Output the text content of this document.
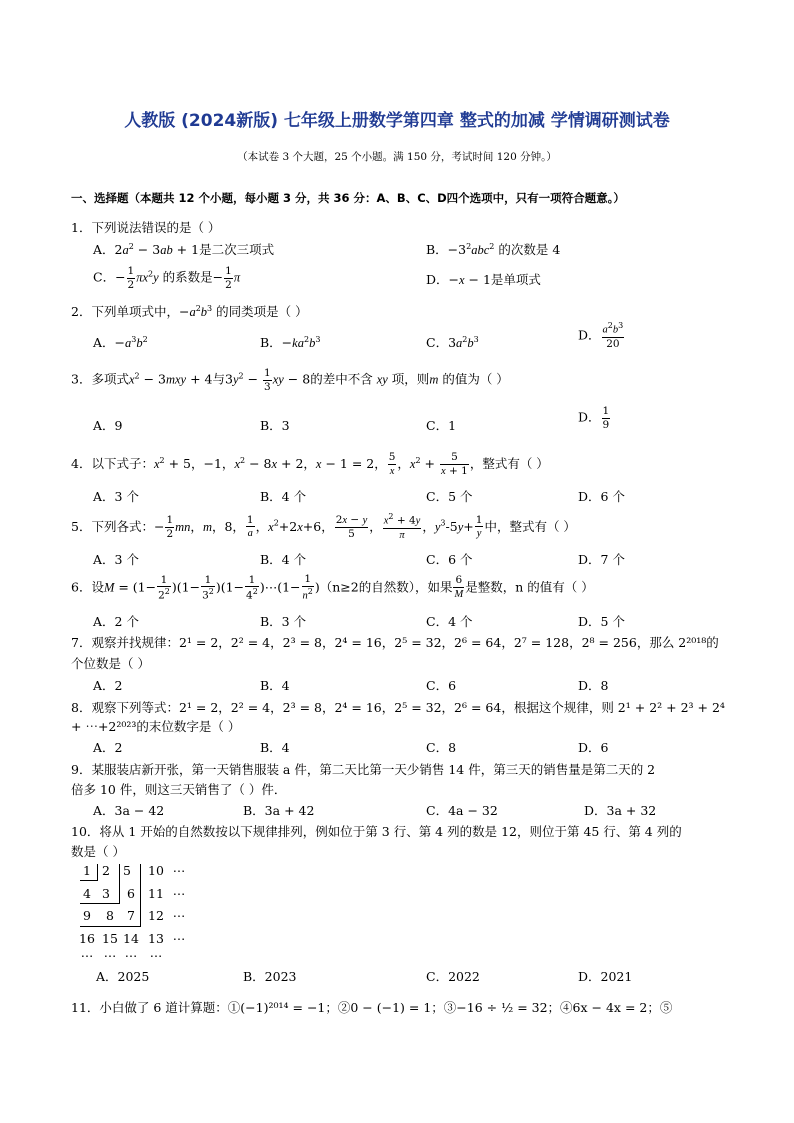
人教版 (2024新版) 七年级上册数学第四章 整式的加减 学情调研测试卷
（本试卷 3 个大题，25 个小题。满 150 分，考试时间 120 分钟。）
一、选择题（本题共 12 个小题，每小题 3 分，共 36 分：A、B、C、D四个选项中，只有一项符合题意。）
1．下列说法错误的是（ ）
A．$2a^2 - 3ab + 1$是二次三项式	B．$-3^2abc^2$ 的次数是 4
C．− $\frac{1}{2} \pi x^2y$ 的系数是− $\frac{1}{2}$ π	D．−x − 1是单项式
2．下列单项式中，$-a^2b^3$ 的同类项是（ ）
A．$-a^3b^2$	B．$-ka^2b^3$	C．$3a^2b^3$	D． $\frac{a^2b^3}{20}$
3．多项式$x^2 - 3mxy + 4$与$3y^2 - \frac{1}{3}$ xy − 8的差中不含 xy 项，则m 的值为（ ）
A．9	B．3	C．1
D． $\frac{1}{9}$
4．以下式子：$x^2 + 5$，−1，$x^2 - 8x + 2$，x − 1 = 2， $\frac{5}{x}$ ，$x^2 + \frac{5}{x + 1}$ ，整式有（ ）
A．3 个	B．4 个	C．5 个	D．6 个
5．下列各式：− $\frac{1}{2}$ mn，m，8， $\frac{1}{a}$ ，$x^2+2x+6$， $\frac{2x - y}{5}$ ， $\frac{x^2 + 4y}{\pi}$ ，$y^3-5y+ \frac{1}{y}$ 中，整式有（ ）
A．3 个	B．4 个	C．6 个	D．7 个
6．设$M = (1- \frac{1}{2^2} )(1- \frac{1}{3^2} )(1- \frac{1}{4^2}$ )⋯(1− $\frac{1}{n^2} )(n\ge 2$的自然数），如果 $\frac{6}{M}$ 是整数，n 的值有（ ）
A．2 个	B．3 个	C．4 个	D．5 个
7．观察并找规律：2¹ = 2，2² = 4，2³ = 8，2⁴ = 16，2⁵ = 32，2⁶ = 64，2⁷ = 128，2⁸ = 256，那么 2²⁰¹⁸的
个位数是（ ）
A．2	B．4	C．6	D．8
8．观察下列等式：2¹ = 2，2² = 4，2³ = 8，2⁴ = 16，2⁵ = 32，2⁶ = 64，根据这个规律，则 2¹ + 2² + 2³ + 2⁴
+ ⋯+2²⁰²³的末位数字是（ ）
A．2	B．4	C．8	D．6
9．某服装店新开张，第一天销售服装 a 件，第二天比第一天少销售 14 件，第三天的销售量是第二天的 2
倍多 10 件，则这三天销售了（ ）件．
A．3a − 42	B．3a + 42	C．4a − 32	D．3a + 32
10．将从 1 开始的自然数按以下规律排列，例如位于第 3 行、第 4 列的数是 12，则位于第 45 行、第 4 列的
数是（ ）
1 2	5	10 ⋯
4 3	6	11 ⋯
9	8	7	12 ⋯
16 15 14 13 ⋯
⋯ ⋯ ⋯ ⋯
A．2025	B．2023	C．2022	D．2021
11．小白做了 6 道计算题：①(−1)²⁰¹⁴ = −1；②0 − (−1) = 1；③−16 ÷ ½ = 32；④6x − 4x = 2；⑤
